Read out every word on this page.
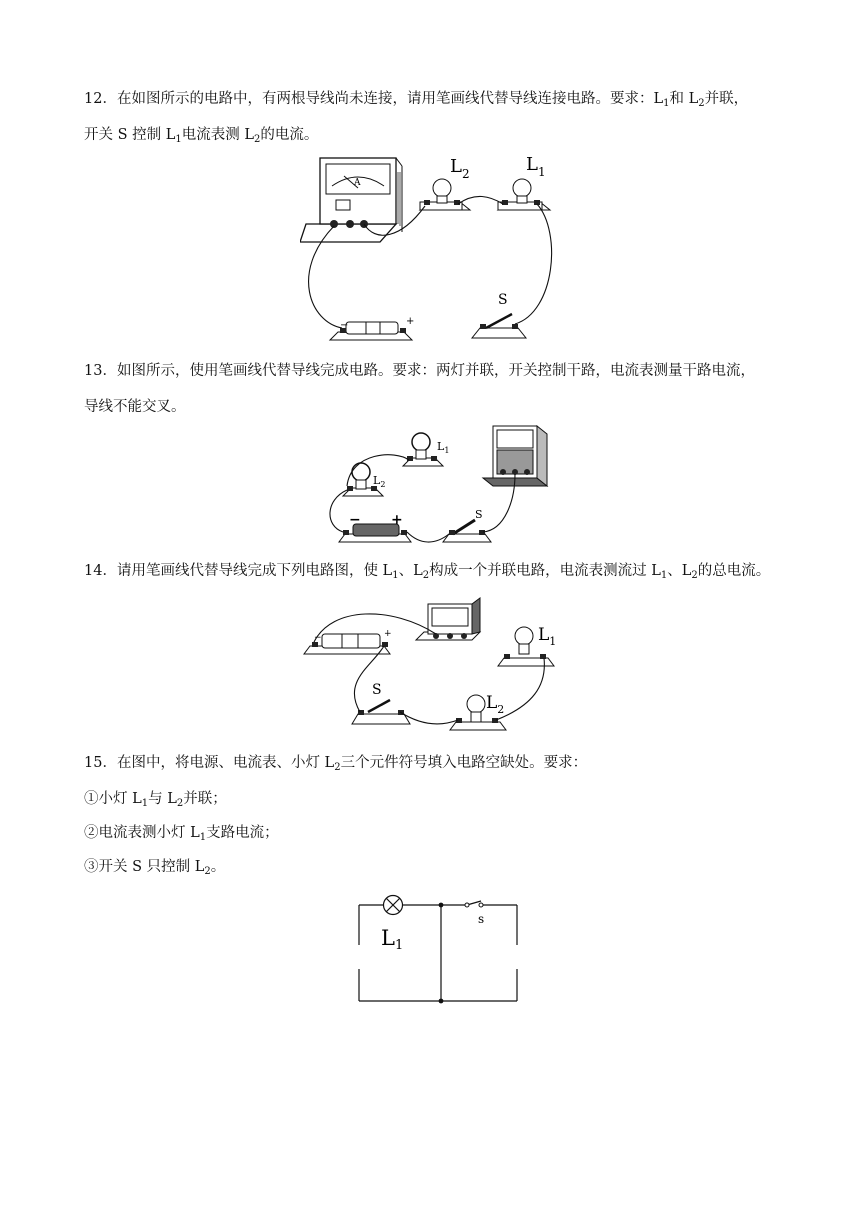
12．在如图所示的电路中，有两根导线尚未连接，请用笔画线代替导线连接电路。要求：$L_1$和 $L_2$并联，
开关 S 控制 $L_1$电流表测 $L_2$的电流。
A
$L_2$	$L_1$
−	+
S
13．如图所示，使用笔画线代替导线完成电路。要求：两灯并联，开关控制干路，电流表测量干路电流，
导线不能交叉。
$L_1$
$L_2$
− +	S
14．请用笔画线代替导线完成下列电路图，使 $L_1$、$L_2$构成一个并联电路，电流表测流过 $L_1$、$L_2$的总电流。
−	+	$L_1$
$L_2$
S
15．在图中，将电源、电流表、小灯 $L_2$三个元件符号填入电路空缺处。要求：
①小灯 $L_1$与 $L_2$并联；
②电流表测小灯 $L_1$支路电流；
③开关 S 只控制 $L_2$。
L1
s
